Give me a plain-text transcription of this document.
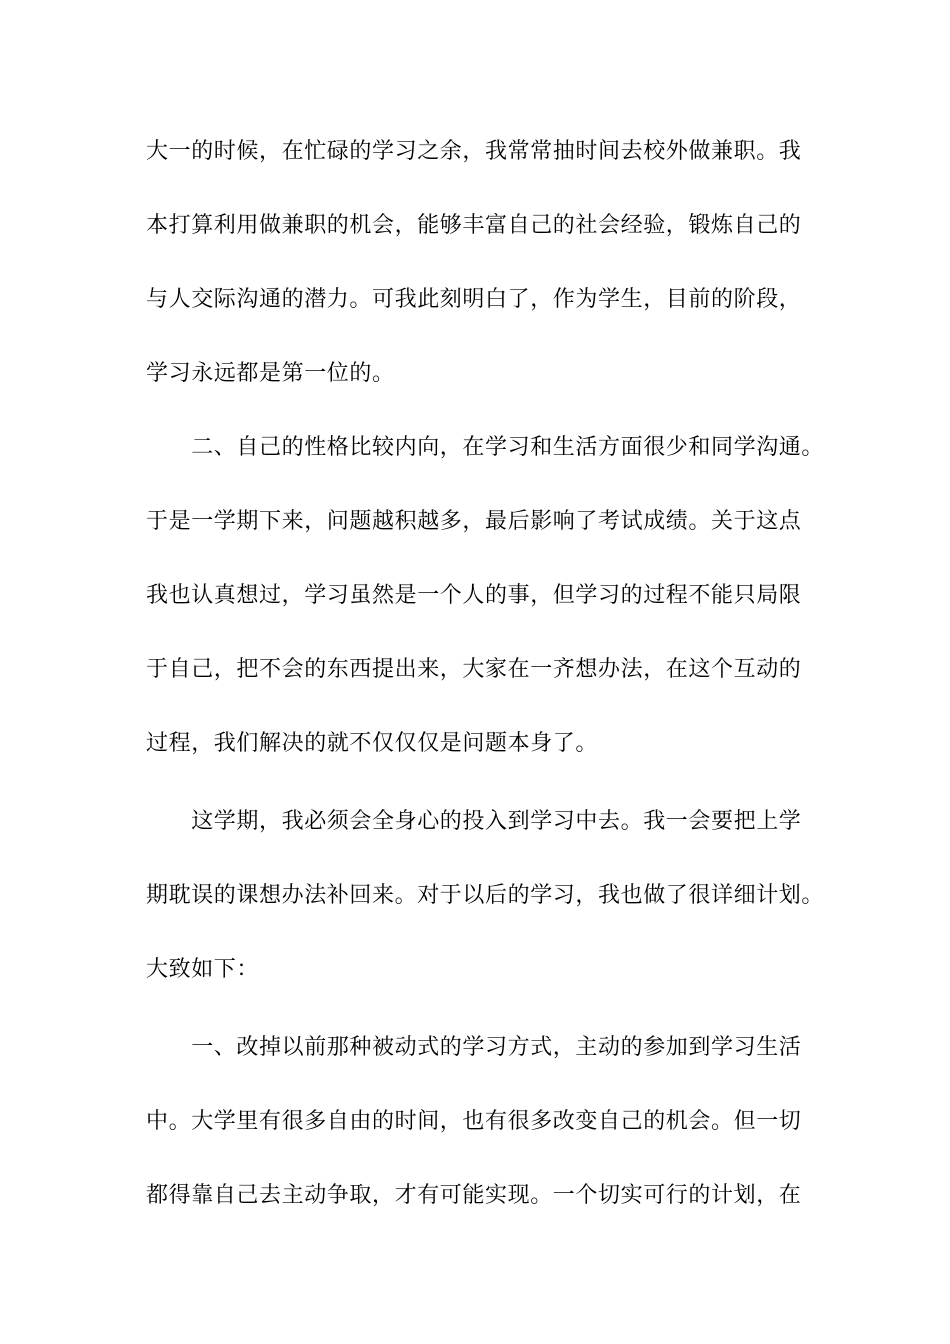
大一的时候，在忙碌的学习之余，我常常抽时间去校外做兼职。我
本打算利用做兼职的机会，能够丰富自己的社会经验，锻炼自己的
与人交际沟通的潜力。可我此刻明白了，作为学生，目前的阶段，
学习永远都是第一位的。
　　二、自己的性格比较内向，在学习和生活方面很少和同学沟通。
于是一学期下来，问题越积越多，最后影响了考试成绩。关于这点
我也认真想过，学习虽然是一个人的事，但学习的过程不能只局限
于自己，把不会的东西提出来，大家在一齐想办法，在这个互动的
过程，我们解决的就不仅仅仅是问题本身了。
　　这学期，我必须会全身心的投入到学习中去。我一会要把上学
期耽误的课想办法补回来。对于以后的学习，我也做了很详细计划。
大致如下：
　　一、改掉以前那种被动式的学习方式，主动的参加到学习生活
中。大学里有很多自由的时间，也有很多改变自己的机会。但一切
都得靠自己去主动争取，才有可能实现。一个切实可行的计划，在
